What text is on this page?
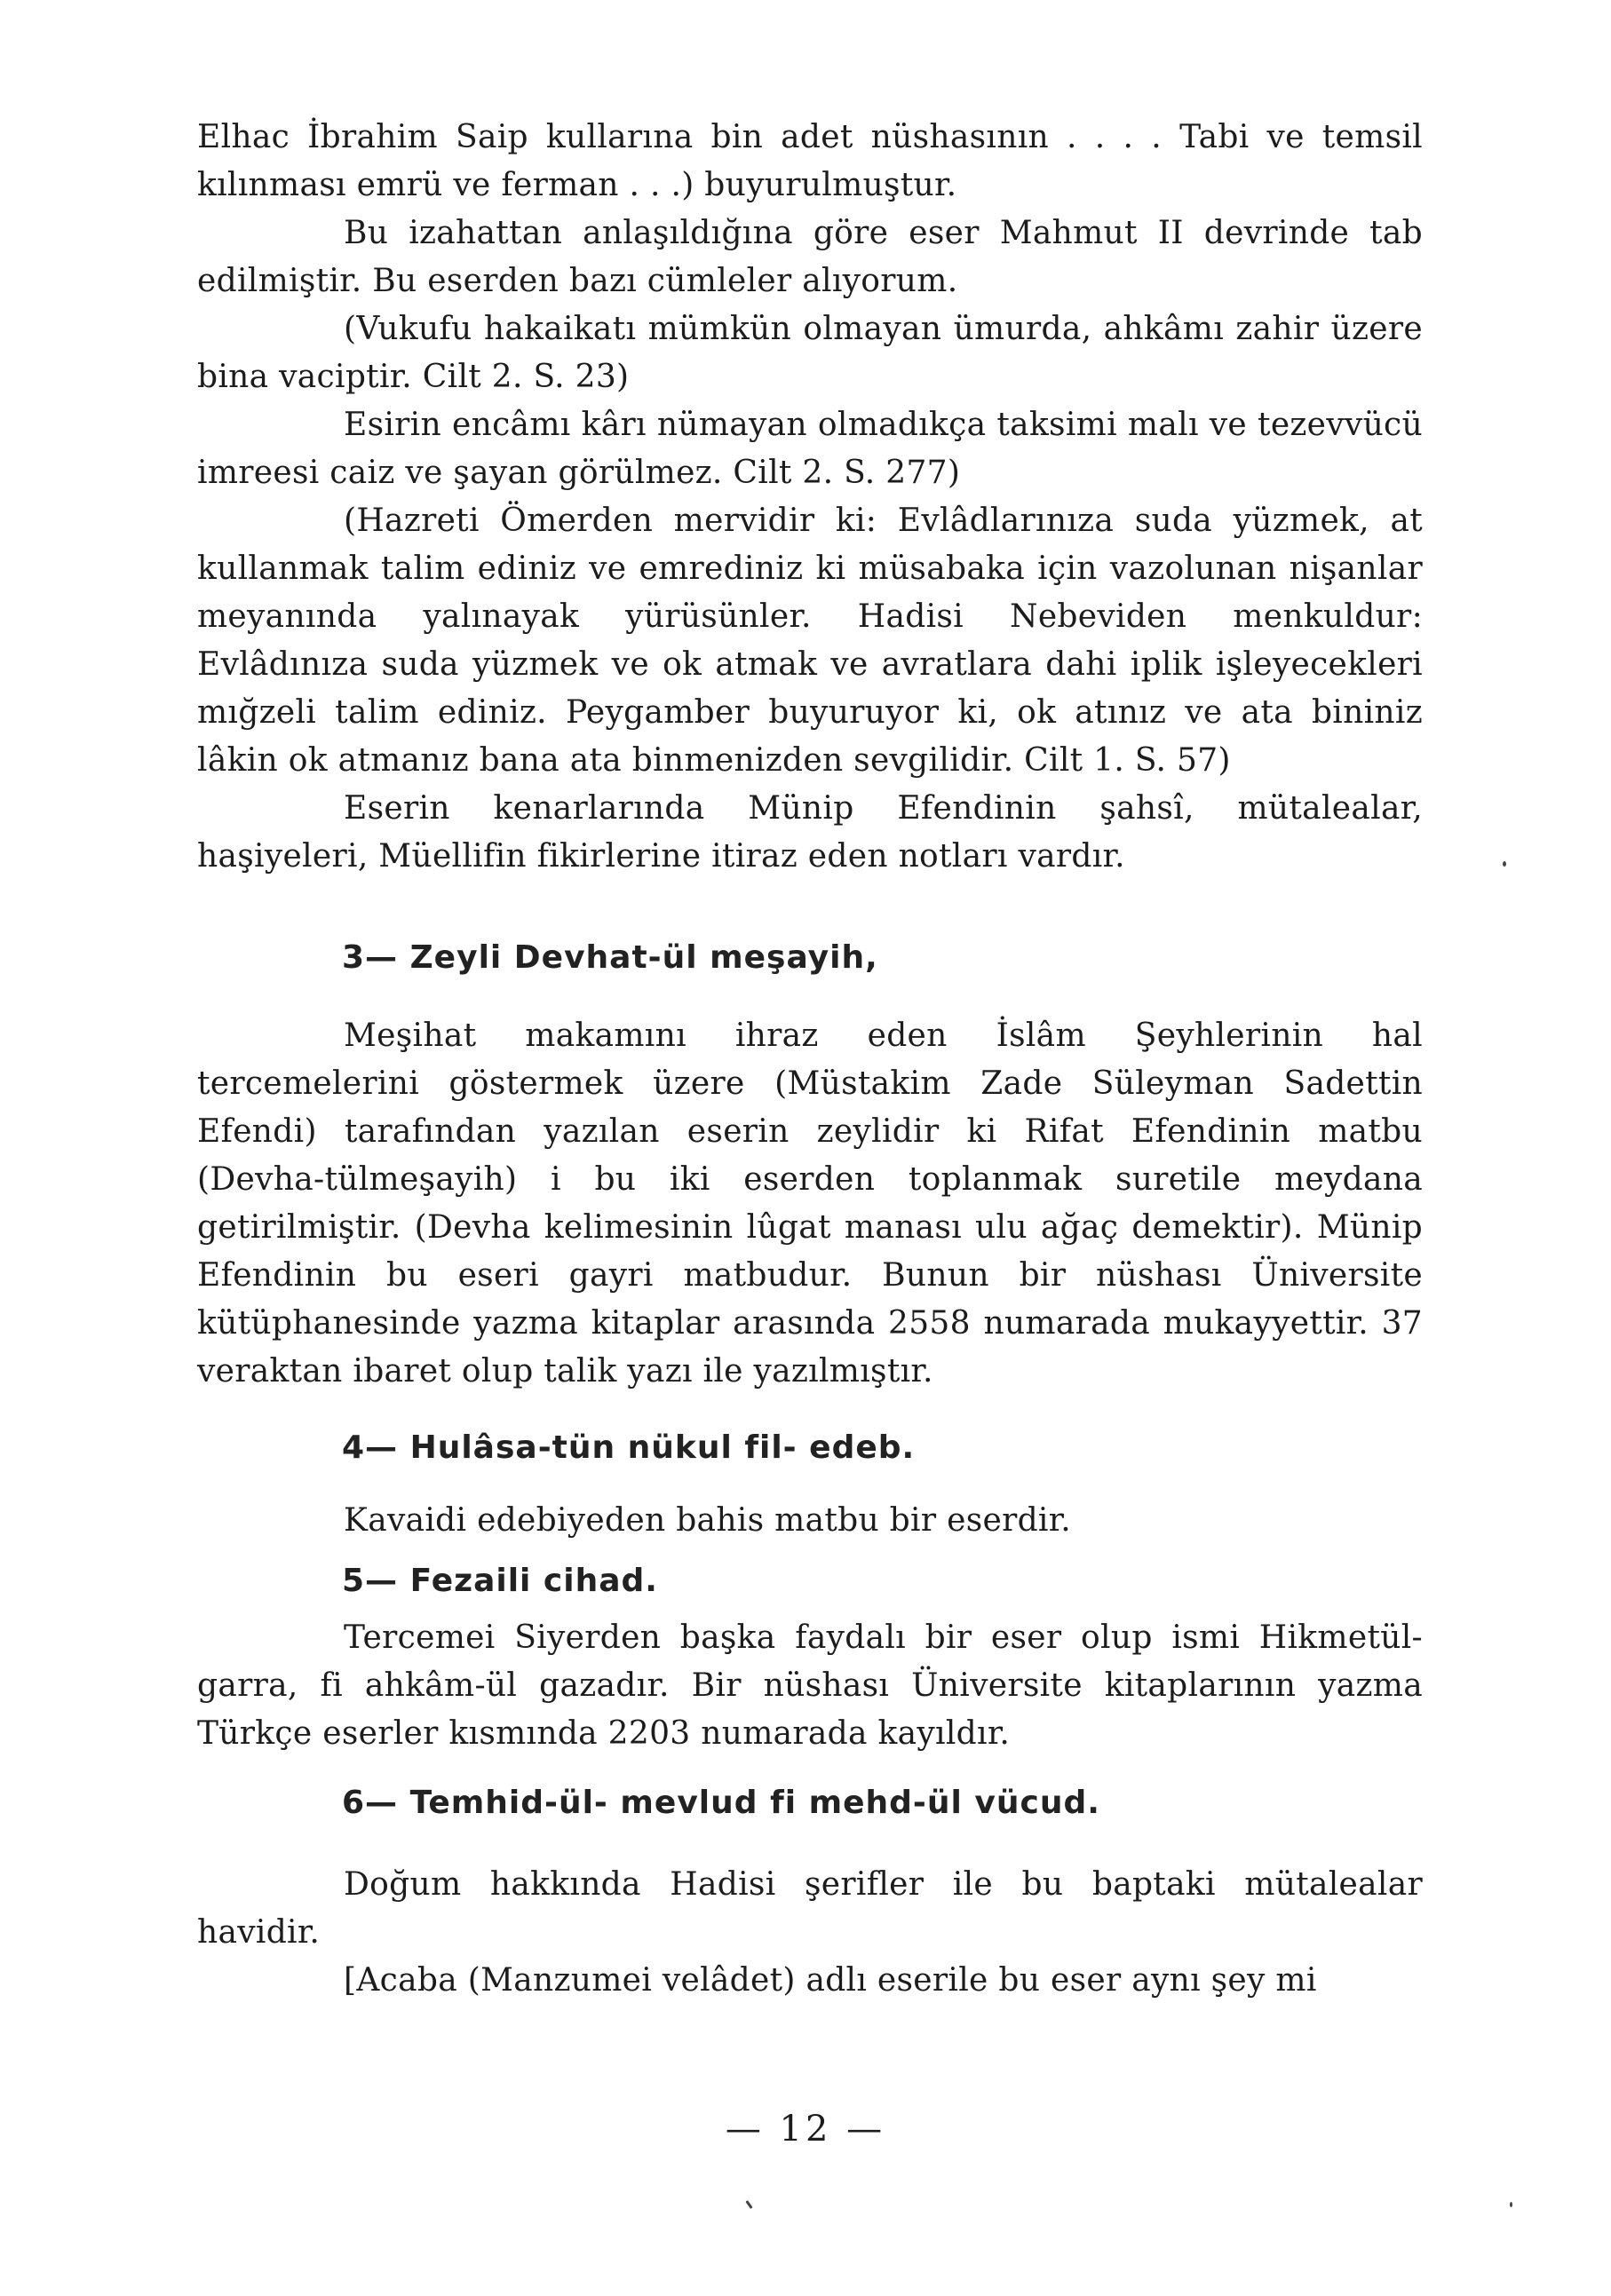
Elhac İbrahim Saip kullarına bin adet nüshasının . . . . Tabi ve temsil kılınması emrü ve ferman . . .) buyurulmuştur.

Bu izahattan anlaşıldığına göre eser Mahmut II devrinde tab edilmiştir. Bu eserden bazı cümleler alıyorum.

(Vukufu hakaikatı mümkün olmayan ümurda, ahkâmı zahir üzere bina vaciptir. Cilt 2. S. 23)

Esirin encâmı kârı nümayan olmadıkça taksimi malı ve tezevvücü imreesi caiz ve şayan görülmez. Cilt 2. S. 277)

(Hazreti Ömerden mervidir ki: Evlâdlarınıza suda yüzmek, at kullanmak talim ediniz ve emrediniz ki müsabaka için vazolunan nişanlar meyanında yalınayak yürüsünler. Hadisi Nebeviden menkuldur: Evlâdınıza suda yüzmek ve ok atmak ve avratlara dahi iplik işleyecekleri mığzeli talim ediniz. Peygamber buyuruyor ki, ok atınız ve ata bininiz lâkin ok atmanız bana ata binmenizden sevgilidir. Cilt 1. S. 57)

Eserin kenarlarında Münip Efendinin şahsî, mütalealar, haşiyeleri, Müellifin fikirlerine itiraz eden notları vardır.

3— Zeyli Devhat-ül meşayih,

Meşihat makamını ihraz eden İslâm Şeyhlerinin hal tercemelerini göstermek üzere (Müstakim Zade Süleyman Sadettin Efendi) tarafından yazılan eserin zeylidir ki Rifat Efendinin matbu (Devha-tülmeşayih) i bu iki eserden toplanmak suretile meydana getirilmiştir. (Devha kelimesinin lûgat manası ulu ağaç demektir). Münip Efendinin bu eseri gayri matbudur. Bunun bir nüshası Üniversite kütüphanesinde yazma kitaplar arasında 2558 numarada mukayyettir. 37 veraktan ibaret olup talik yazı ile yazılmıştır.

4— Hulâsa-tün nükul fil- edeb.

Kavaidi edebiyeden bahis matbu bir eserdir.

5— Fezaili cihad.

Tercemei Siyerden başka faydalı bir eser olup ismi Hikmetül- garra, fi ahkâm-ül gazadır. Bir nüshası Üniversite kitaplarının yazma Türkçe eserler kısmında 2203 numarada kayıldır.

6— Temhid-ül- mevlud fi mehd-ül vücud.

Doğum hakkında Hadisi şerifler ile bu baptaki mütalealar havidir.

[Acaba (Manzumei velâdet) adlı eserile bu eser aynı şey mi

— 12 —
